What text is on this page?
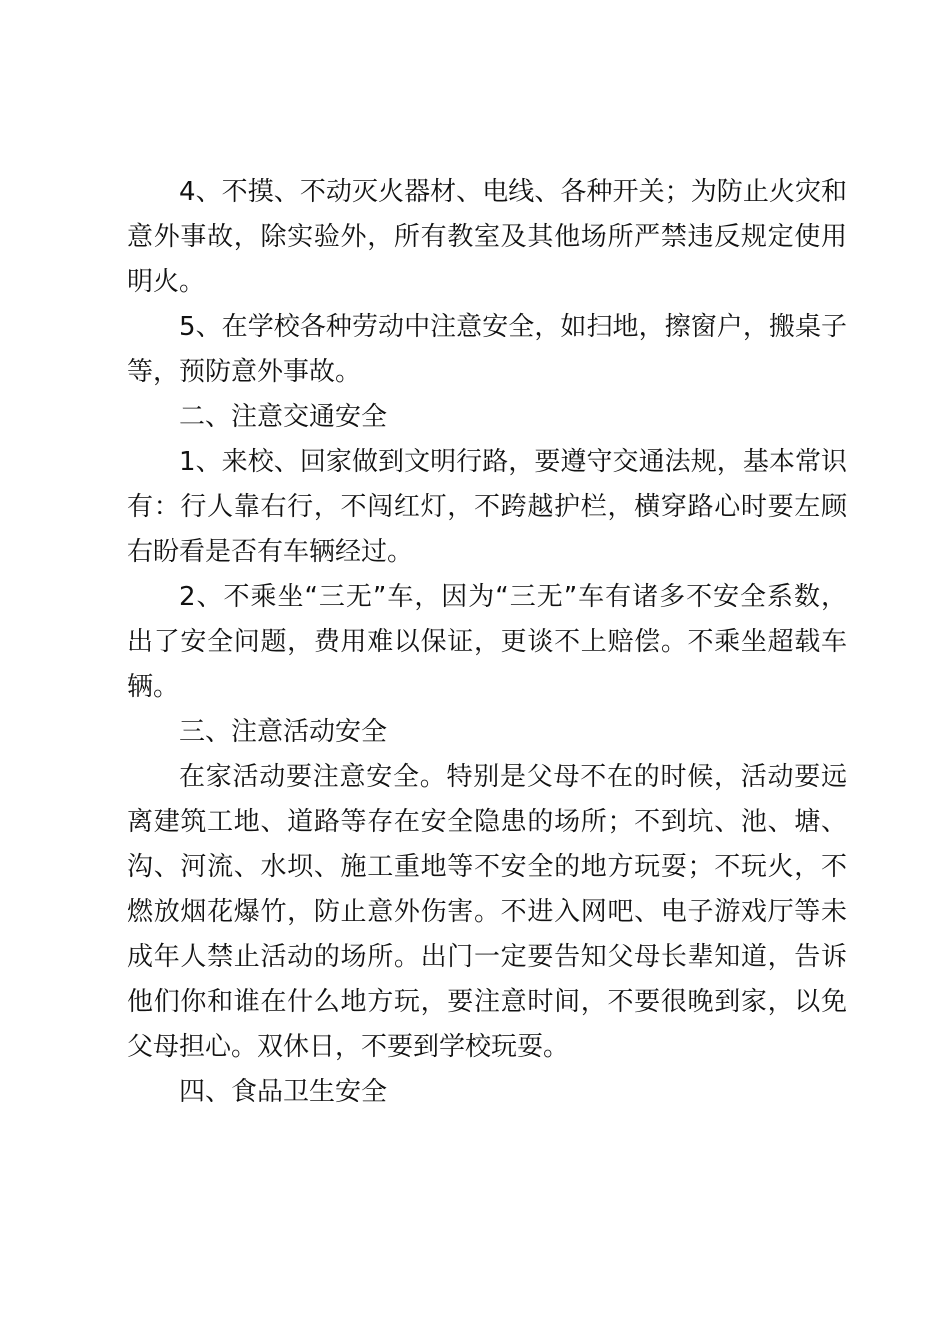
4、不摸、不动灭火器材、电线、各种开关；为防止火灾和意外事故，除实验外，所有教室及其他场所严禁违反规定使用明火。

5、在学校各种劳动中注意安全，如扫地，擦窗户，搬桌子等，预防意外事故。

二、注意交通安全

1、来校、回家做到文明行路，要遵守交通法规，基本常识有：行人靠右行，不闯红灯，不跨越护栏，横穿路心时要左顾右盼看是否有车辆经过。

2、不乘坐“三无”车，因为“三无”车有诸多不安全系数，出了安全问题，费用难以保证，更谈不上赔偿。不乘坐超载车辆。

三、注意活动安全

在家活动要注意安全。特别是父母不在的时候，活动要远离建筑工地、道路等存在安全隐患的场所；不到坑、池、塘、沟、河流、水坝、施工重地等不安全的地方玩耍；不玩火，不燃放烟花爆竹，防止意外伤害。不进入网吧、电子游戏厅等未成年人禁止活动的场所。出门一定要告知父母长辈知道，告诉他们你和谁在什么地方玩，要注意时间，不要很晚到家，以免父母担心。双休日，不要到学校玩耍。

四、食品卫生安全
